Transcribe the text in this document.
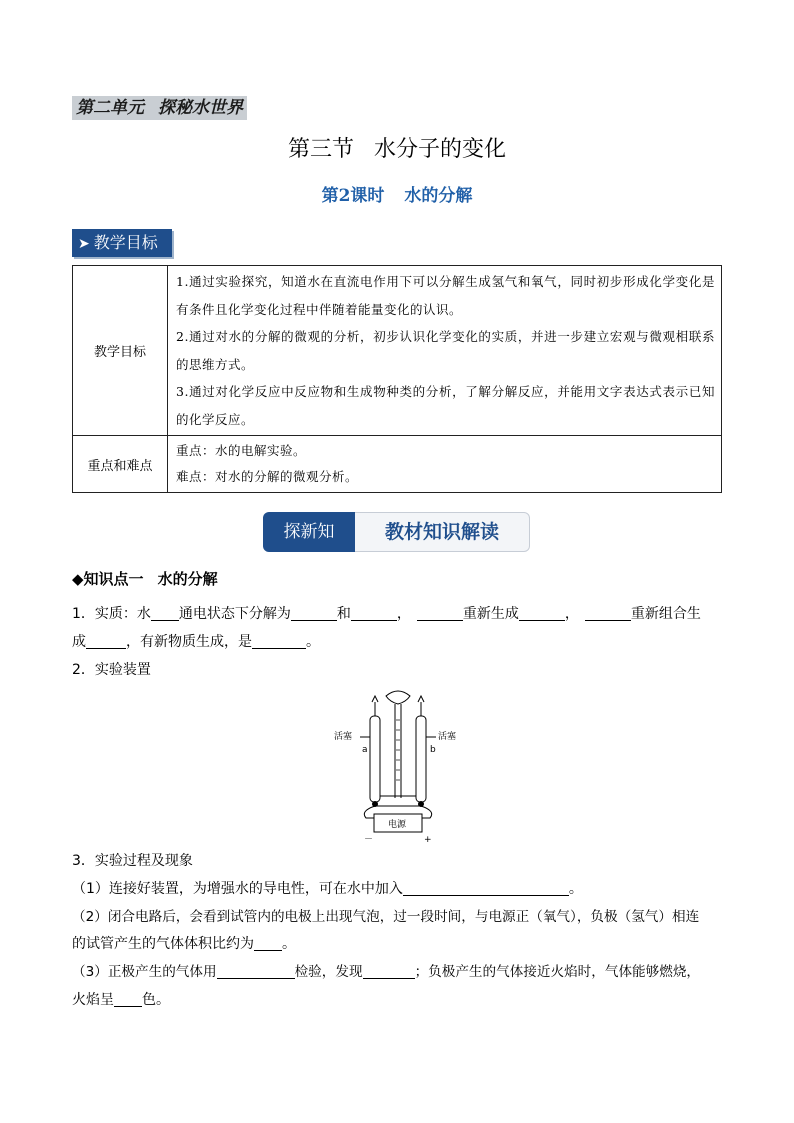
第二单元 探秘水世界
第三节 水分子的变化
第2课时 水的分解
➤ 教学目标
教学目标	1.通过实验探究，知道水在直流电作用下可以分解生成氢气和氧气，同时初步形成化学变化是有条件且化学变化过程中伴随着能量变化的认识。

2.通过对水的分解的微观的分析，初步认识化学变化的实质，并进一步建立宏观与微观相联系的思维方式。

3.通过对化学反应中反应物和生成物种类的分析，了解分解反应，并能用文字表达式表示已知的化学反应。

重点和难点	重点：水的电解实验。

难点：对水的分解的微观分析。

探新知	教材知识解读
◆知识点一 水的分解
1．实质：水 通电状态下分解为	和	，	重新生成	，	重新组合生
成	，有新物质生成，是	。
2．实验装置
活塞	活塞
a	b
电源
－	+
3．实验过程及现象
（1）连接好装置，为增强水的导电性，可在水中加入	。
（2）闭合电路后，会看到试管内的电极上出现气泡，过一段时间，与电源正（氧气），负极（氢气）相连
的试管产生的气体体积比约为 。
（3）正极产生的气体用	检验，发现	；负极产生的气体接近火焰时，气体能够燃烧，
火焰呈 色。
